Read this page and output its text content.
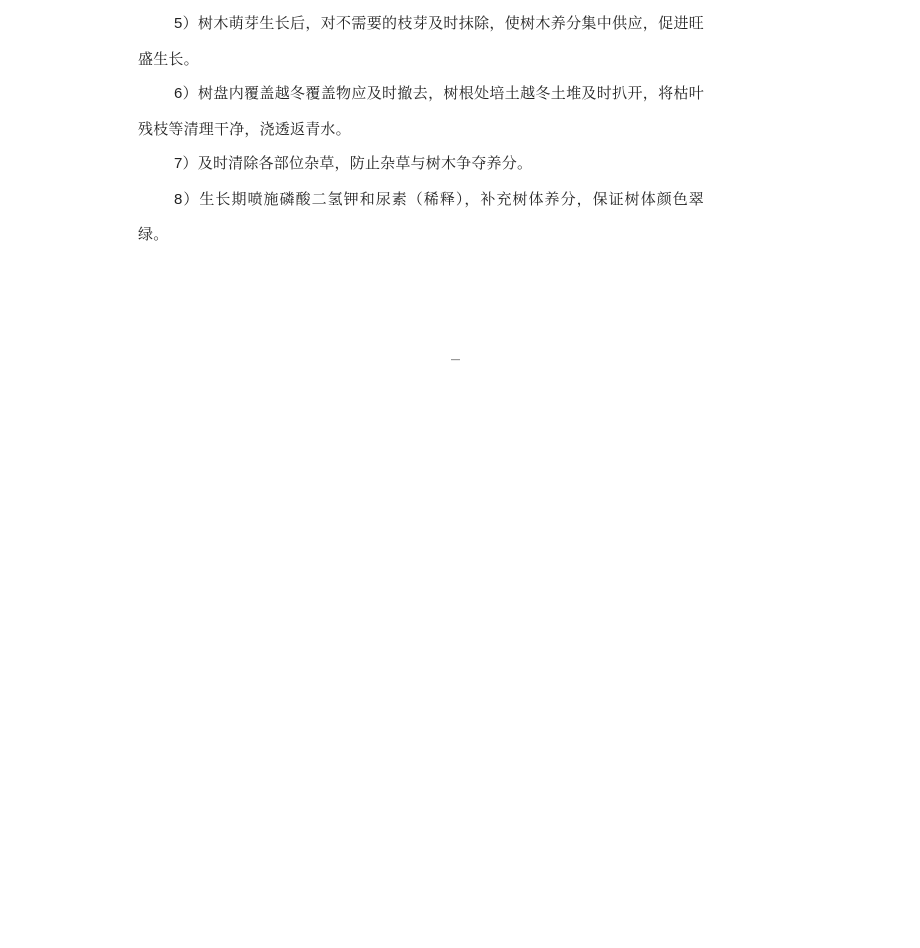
5）树木萌芽生长后，对不需要的枝芽及时抹除，使树木养分集中供应，促进旺盛生长。

6）树盘内覆盖越冬覆盖物应及时撤去，树根处培土越冬土堆及时扒开，将枯叶残枝等清理干净，浇透返青水。

7）及时清除各部位杂草，防止杂草与树木争夺养分。

8）生长期喷施磷酸二氢钾和尿素（稀释），补充树体养分，保证树体颜色翠绿。

—
